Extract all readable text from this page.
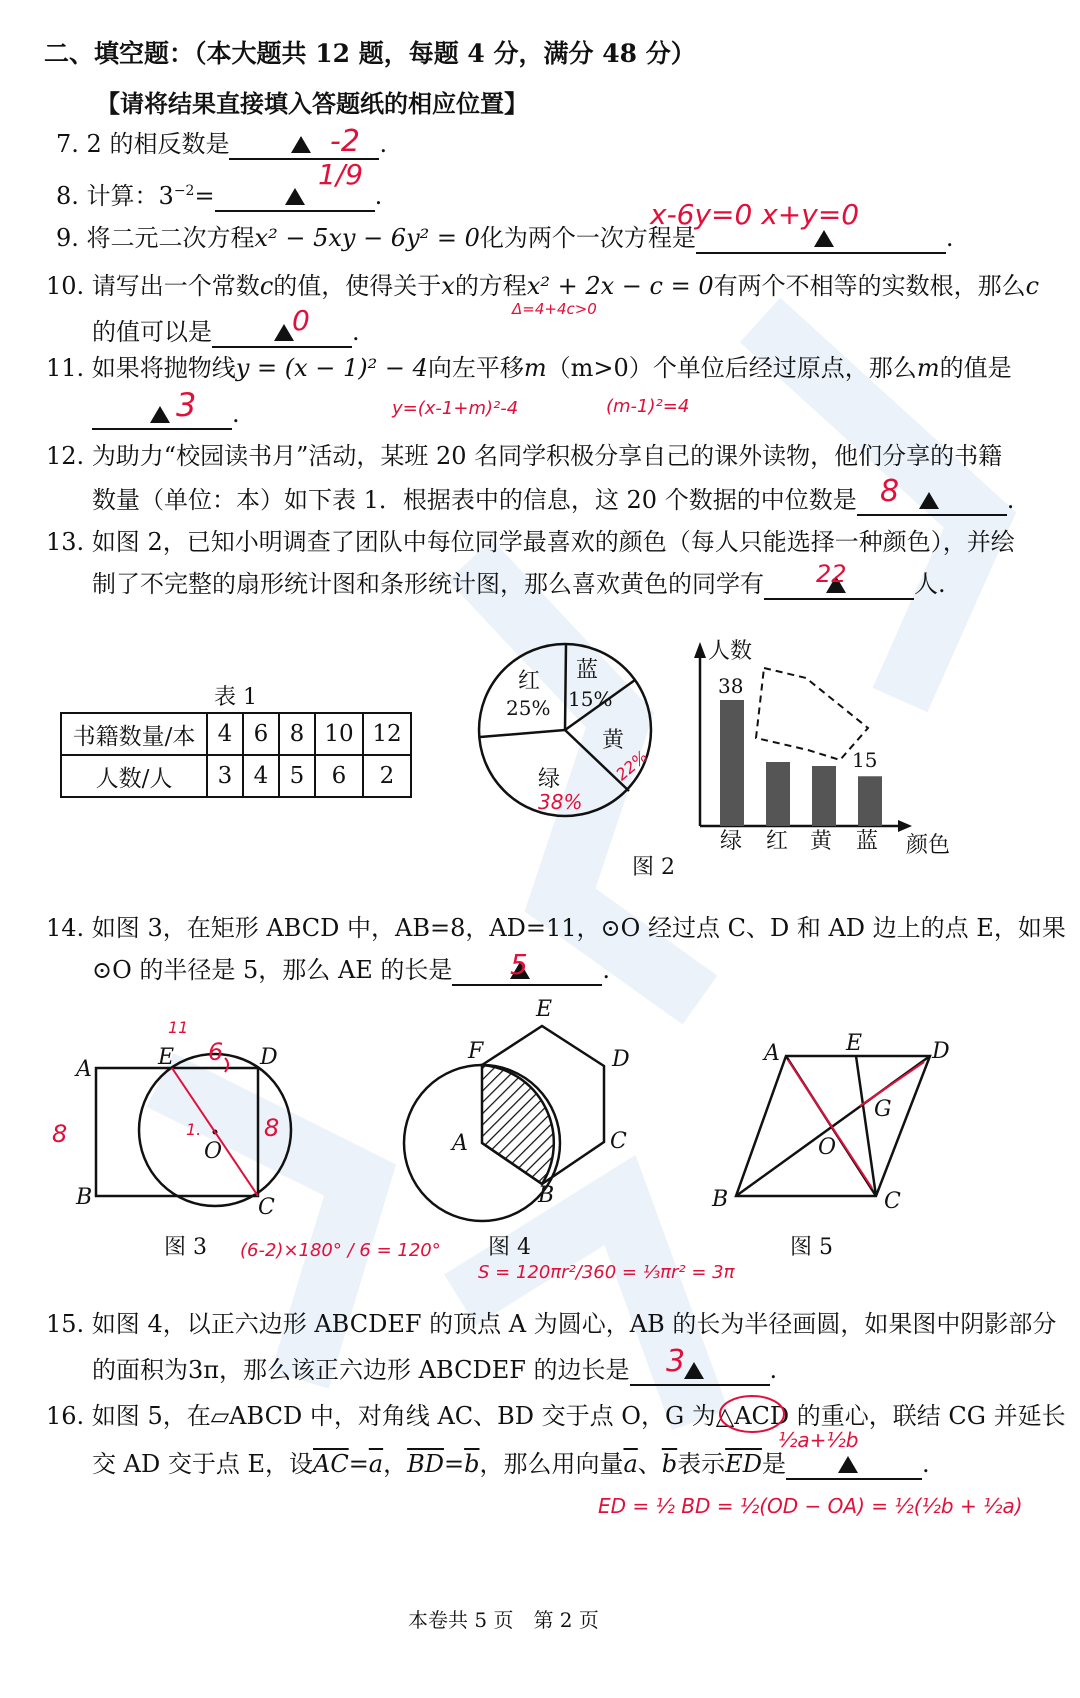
二、填空题：（本大题共 12 题，每题 4 分，满分 48 分）
【请将结果直接填入答题纸的相应位置】
7. 2 的相反数是	.
-2
8. 计算：$3^{-2}=$	.
1/9
9. 将二元二次方程x² − 5xy − 6y² = 0化为两个一次方程是	.
x-6y=0 x+y=0
10. 请写出一个常数c的值，使得关于x的方程x² + 2x − c = 0有两个不相等的实数根，那么c
的值可以是	.
0	Δ=4+4c>0
11. 如果将抛物线y = (x − 1)² − 4向左平移m（m>0）个单位后经过原点，那么m的值是
.
3	y=(x-1+m)²-4	(m-1)²=4
12. 为助力“校园读书月”活动，某班 20 名同学积极分享自己的课外读物，他们分享的书籍
数量（单位：本）如下表 1．根据表中的信息，这 20 个数据的中位数是	.
8
13. 如图 2，已知小明调查了团队中每位同学最喜欢的颜色（每人只能选择一种颜色），并绘
制了不完整的扇形统计图和条形统计图，那么喜欢黄色的同学有	人.
22
表 1
书籍数量/本	4	6	8	10	12
人数/人	3	4	5	6	2
红
25%
蓝
15%
黄
绿
38%
22%
人数
38
15
绿 红 黄 蓝 颜色
图 2
14. 如图 3，在矩形 ABCD 中，AB=8，AD=11，⊙O 经过点 C、D 和 AD 边上的点 E，如果
⊙O 的半径是 5，那么 AE 的长是	.
5
A
B	C
D
E
O
8	8
6
11
1.
图 3 (6-2)×180° / 6 = 120°
A
B
C
D
E
F
图 4
S = 120πr²/360 = ⅓πr² = 3π
A
B	C
D
E
G
O
图 5
15. 如图 4，以正六边形 ABCDEF 的顶点 A 为圆心，AB 的长为半径画圆，如果图中阴影部分
的面积为3π，那么该正六边形 ABCDEF 的边长是	.
3
16. 如图 5，在▱ABCD 中，对角线 AC、BD 交于点 O，G 为△ACD 的重心，联结 CG 并延长
交 AD 交于点 E，设$\overline{AC}=\overline{a}$，$\overline{BD}=\overline{b}$，那么用向量$\overline{a}$、$\overline{b}$表示$\overline{ED}$是	.
½a+½b
ED = ½ BD = ½(OD − OA) = ½(½b + ½a)
本卷共 5 页　第 2 页
